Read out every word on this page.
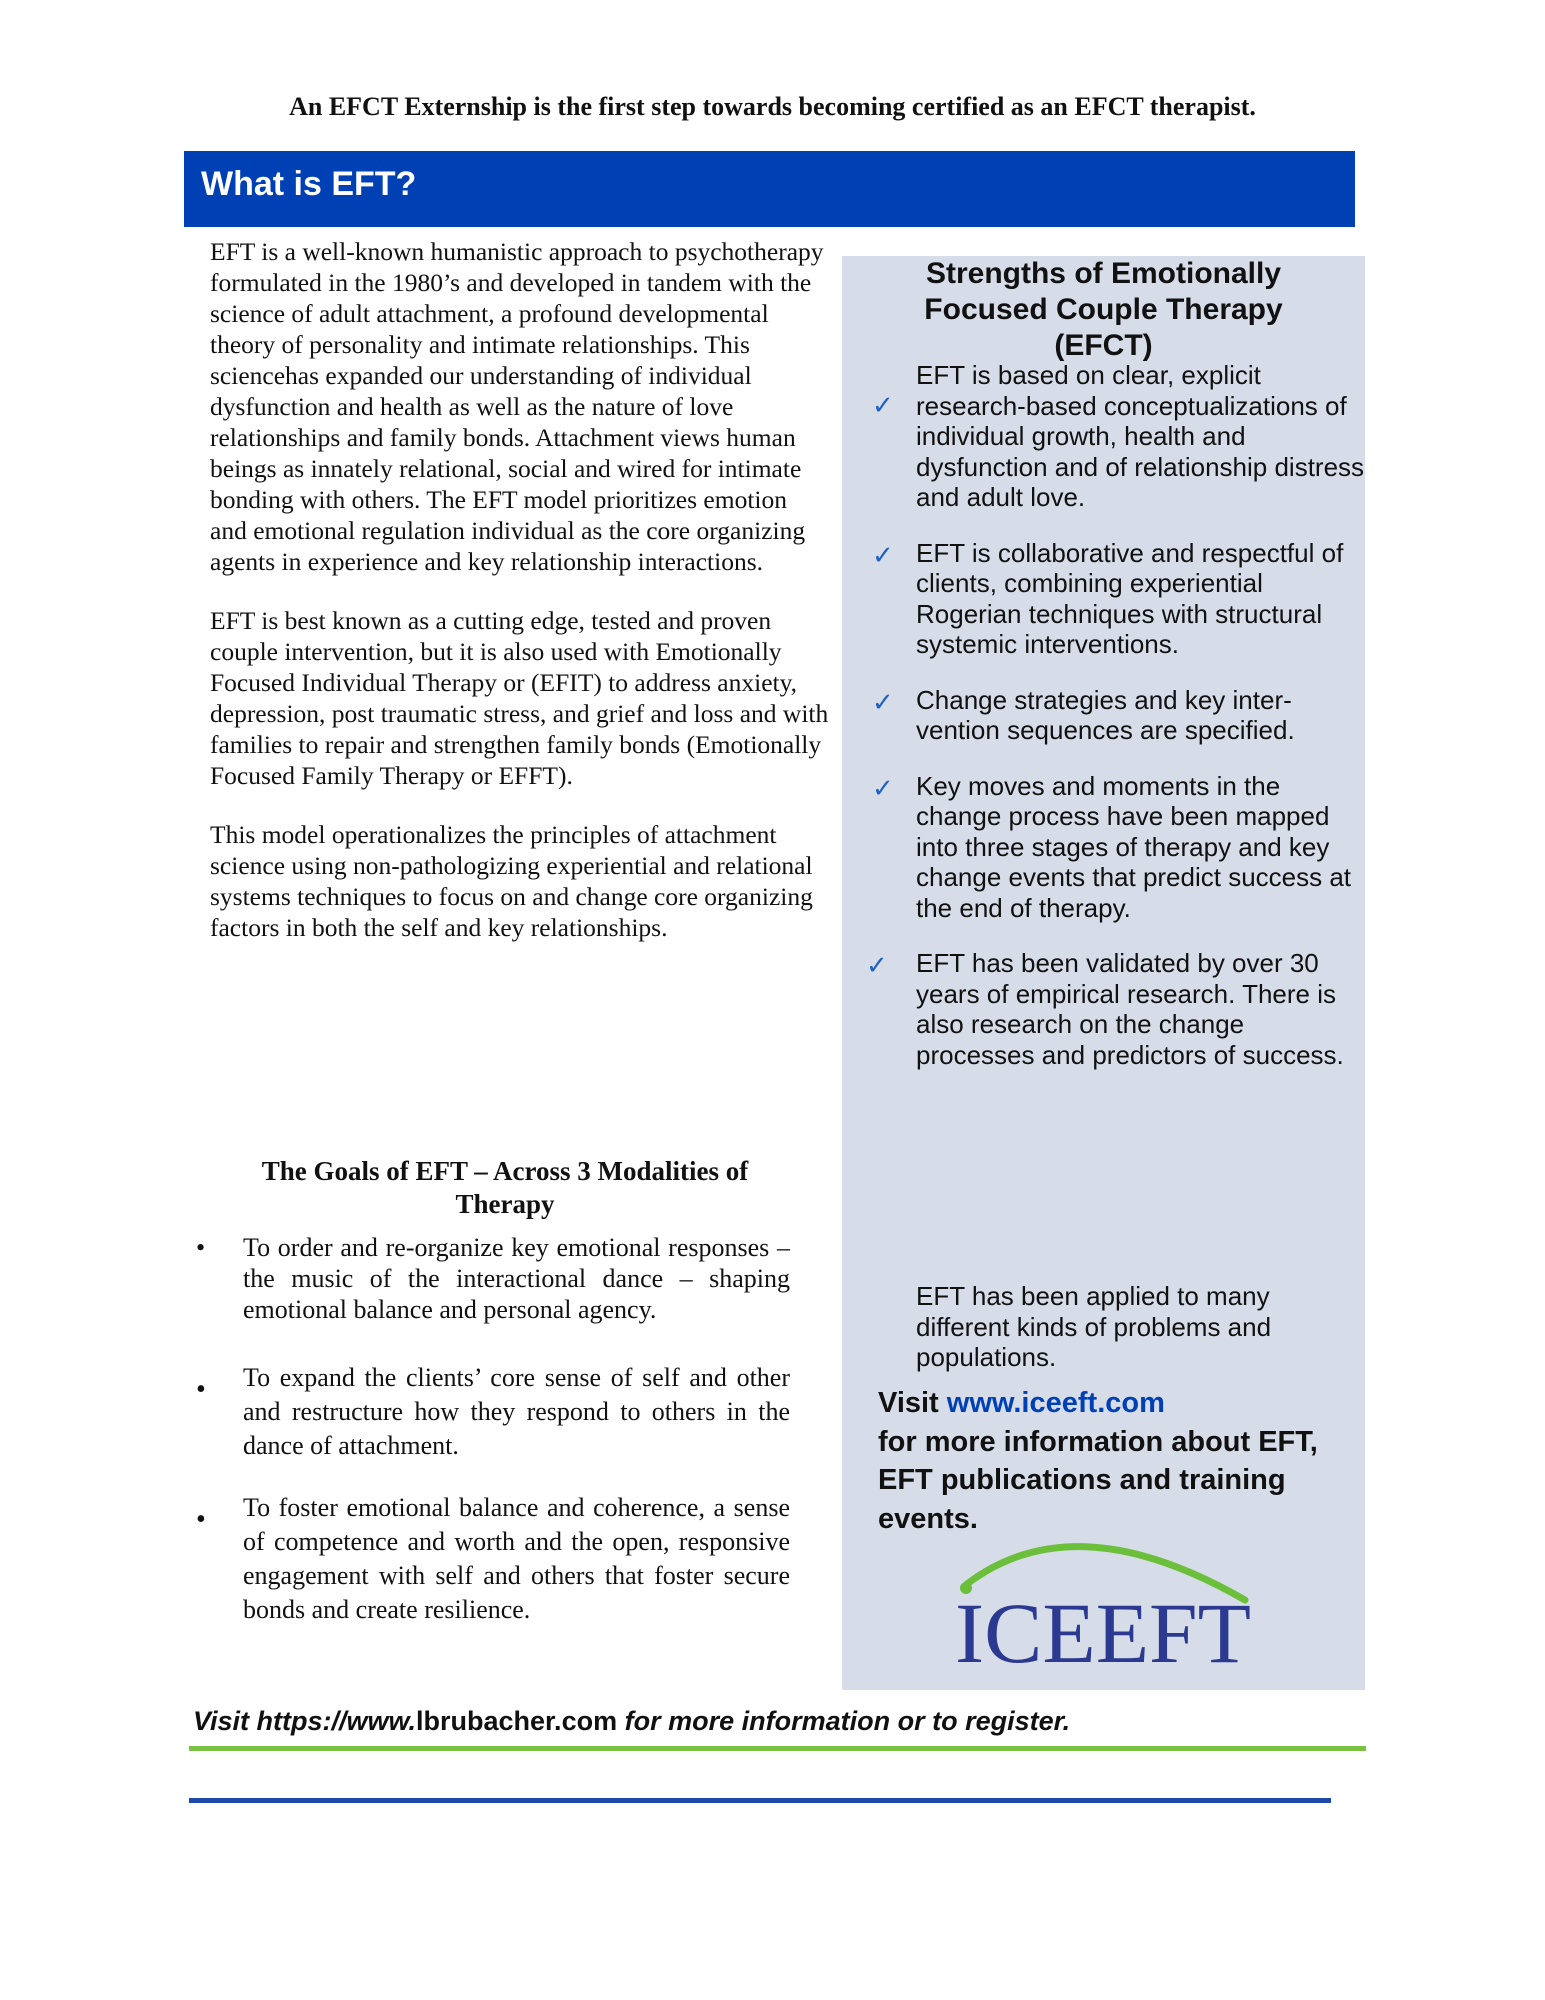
An EFCT Externship is the first step towards becoming certified as an EFCT therapist.
What is EFT?

EFT is a well-known humanistic approach to psychotherapy formulated in the 1980’s and developed in tandem with the science of adult attachment, a profound developmental theory of personality and intimate relationships. This sciencehas expanded our understanding of individual dysfunction and health as well as the nature of love relationships and family bonds. Attachment views human beings as innately relational, social and wired for intimate bonding with others. The EFT model prioritizes emotion and emotional regulation individual as the core organizing agents in experience and key relationship interactions.

EFT is best known as a cutting edge, tested and proven couple intervention, but it is also used with Emotionally Focused Individual Therapy or (EFIT) to address anxiety, depression, post traumatic stress, and grief and loss and with families to repair and strengthen family bonds (Emotionally Focused Family Therapy or EFFT).

This model operationalizes the principles of attachment science using non-pathologizing experiential and relational systems techniques to focus on and change core organizing factors in both the self and key relationships.

The Goals of EFT – Across 3 Modalities of Therapy
• To order and re-organize key emotional responses – the music of the interactional dance – shaping emotional balance and personal agency.
• To expand the clients’ core sense of self and other and restructure how they respond to others in the dance of attachment.
• To foster emotional balance and coherence, a sense of competence and worth and the open, responsive engagement with self and others that foster secure bonds and create resilience.
Strengths of Emotionally
Focused Couple Therapy
(EFCT)
✓
EFT is based on clear, explicit research-based conceptualizations of individual growth, health and dysfunction and of relationship distress and adult love.
✓ EFT is collaborative and respectful of clients, combining experiential Rogerian techniques with structural systemic interventions.
✓ Change strategies and key inter-vention sequences are specified.
✓ Key moves and moments in the change process have been mapped into three stages of therapy and key change events that predict success at the end of therapy.
✓ EFT has been validated by over 30 years of empirical research. There is also research on the change processes and predictors of success.
EFT has been applied to many different kinds of problems and populations.
Visit www.iceeft.com
for more information about EFT, EFT publications and training events.
ICEEFT
Visit https://www.lbrubacher.com for more information or to register.
